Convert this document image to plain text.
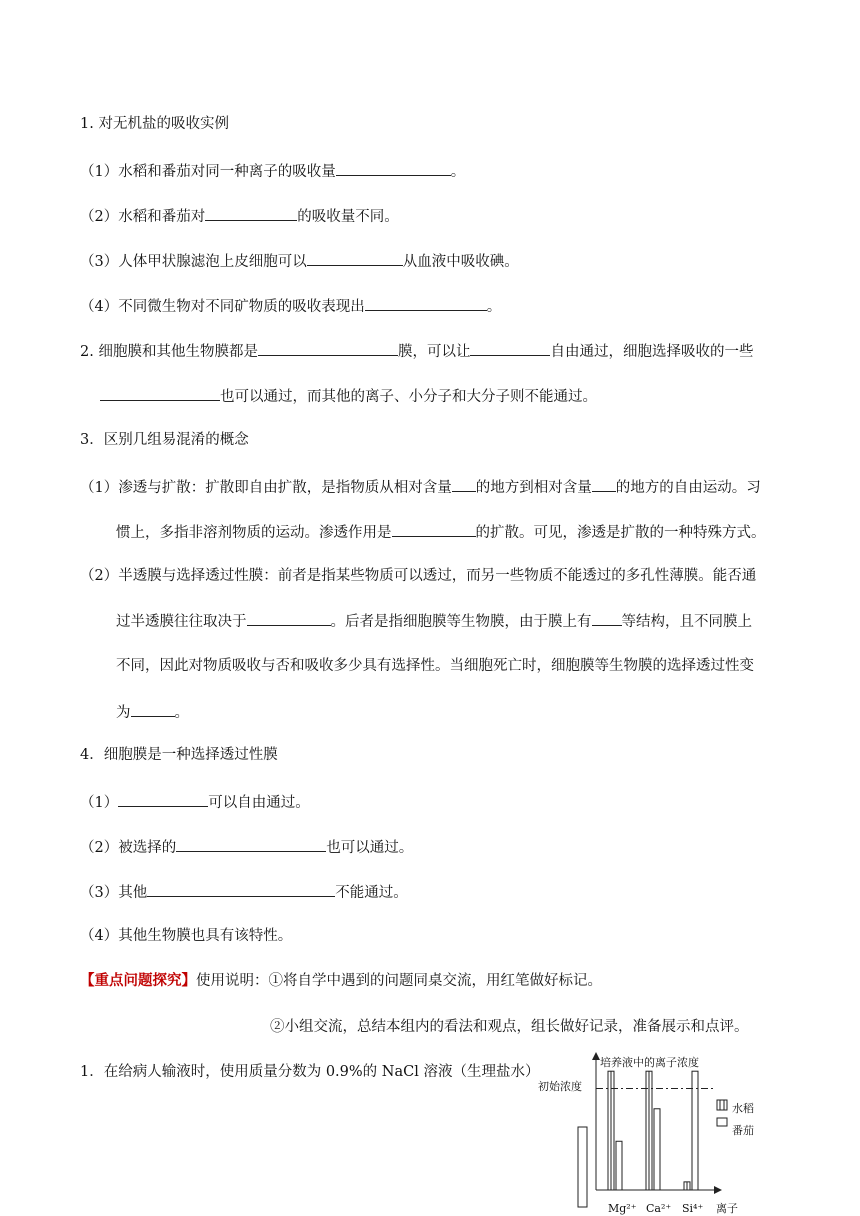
1. 对无机盐的吸收实例
（1）水稻和番茄对同一种离子的吸收量	。
（2）水稻和番茄对	的吸收量不同。
（3）人体甲状腺滤泡上皮细胞可以	从血液中吸收碘。
（4）不同微生物对不同矿物质的吸收表现出	。
2. 细胞膜和其他生物膜都是	膜，可以让	自由通过，细胞选择吸收的一些
也可以通过，而其他的离子、小分子和大分子则不能通过。
3．区别几组易混淆的概念
（1）渗透与扩散：扩散即自由扩散，是指物质从相对含量 的地方到相对含量 的地方的自由运动。习
惯上，多指非溶剂物质的运动。渗透作用是	的扩散。可见，渗透是扩散的一种特殊方式。
（2）半透膜与选择透过性膜：前者是指某些物质可以透过，而另一些物质不能透过的多孔性薄膜。能否通
过半透膜往往取决于	。后者是指细胞膜等生物膜，由于膜上有 等结构，且不同膜上
不同，因此对物质吸收与否和吸收多少具有选择性。当细胞死亡时，细胞膜等生物膜的选择透过性变
为	。
4．细胞膜是一种选择透过性膜
（1）	可以自由通过。
（2）被选择的	也可以通过。
（3）其他	不能通过。
（4）其他生物膜也具有该特性。
【重点问题探究】使用说明：①将自学中遇到的问题同桌交流，用红笔做好标记。
②小组交流，总结本组内的看法和观点，组长做好记录，准备展示和点评。
1．在给病人输液时，使用质量分数为 0.9%的 NaCl 溶液（生理盐水）
培养液中的离子浓度
初始浓度
水稻
番茄
Mg²⁺ Ca²⁺ Si⁴⁺ 离子
